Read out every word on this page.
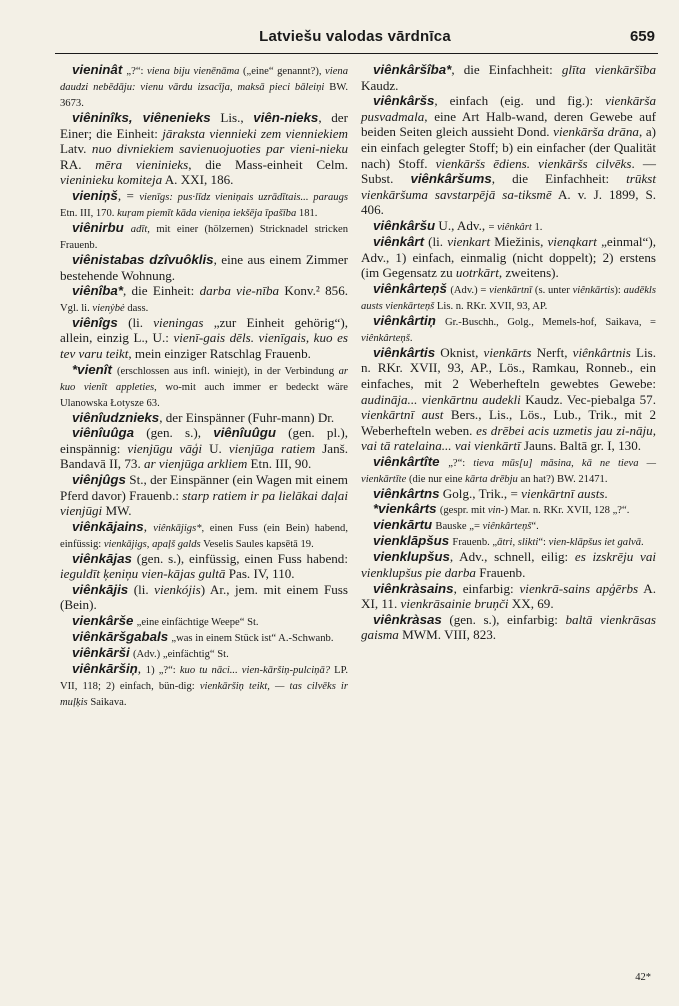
Latviešu valodas vārdnīca	659

vieninât „?“: viena biju vienēnāma („eine“ genannt?), viena daudzi nebēdāju: vienu vārdu izsacīja, maksā pieci bāleiņi BW. 3673.

viêninîks, viênenieks Lis., viên-nieks, der Einer; die Einheit: jāraksta viennieki zem vienniekiem Latv. nuo divniekiem savienuojuoties par vieni-nieku RA. mēra vieninieks, die Mass-einheit Celm. vieninieku komiteja A. XXI, 186.

vieniņš, = vienīgs: pus·līdz vieniņais uzrādītais... paraugs Etn. III, 170. kuŗam piemīt kāda vieniņa iekšēja īpašība 181.

viênirbu adīt, mit einer (hölzernen) Stricknadel stricken Frauenb.

viênistabas dzîvuôklis, eine aus einem Zimmer bestehende Wohnung.

viênîba*, die Einheit: darba vie-nība Konv.² 856. Vgl. li. vienẏbė dass.

viênîgs (li. vieningas „zur Einheit gehörig“), allein, einzig L., U.: vienī-gais dēls. vienīgais, kuo es tev varu teikt, mein einziger Ratschlag Frauenb.

*vienît (erschlossen aus infl. winiejt), in der Verbindung ar kuo vienīt appleties, wo-mit auch immer er bedeckt wäre Ulanowska Łotysze 63.

viênîudznieks, der Einspänner (Fuhr-mann) Dr.

viênîuûga (gen. s.), viênîuûgu (gen. pl.), einspännig: vienjūgu vāģi U. vienjūga ratiem Janš. Bandavā II, 73. ar vienjūga arkliem Etn. III, 90.

viênjûgs St., der Einspänner (ein Wagen mit einem Pferd davor) Frauenb.: starp ratiem ir pa lielākai daļai vienjūgi MW.

viênkājains, viênkājigs*, einen Fuss (ein Bein) habend, einfüssig: vienkājigs, apaļš galds Veselis Saules kapsētā 19.

viênkājas (gen. s.), einfüssig, einen Fuss habend: ieguldīt ķeniņu vien-kājas gultā Pas. IV, 110.

viênkājis (li. vienkójis) Ar., jem. mit einem Fuss (Bein).

vienkârše „eine einfächtige Weepe“ St.

viênkāršgabals „was in einem Stück ist“ A.-Schwanb.

viênkārši (Adv.) „einfächtig“ St.

viênkāršiņ, 1) „?“: kuo tu nāci... vien-kāršiņ-pulciņā? LP. VII, 118; 2) einfach, bün-dig: vienkāršiņ teikt, — tas cilvēks ir muļķis Saikava.

viênkâršîba*, die Einfachheit: glīta vienkāršība Kaudz.

viênkâršs, einfach (eig. und fig.): vienkārša pusvadmala, eine Art Halb-wand, deren Gewebe auf beiden Seiten gleich aussieht Dond. vienkārša drāna, a) ein einfach gelegter Stoff; b) ein einfacher (der Qualität nach) Stoff. vienkāršs ēdiens. vienkāršs cilvēks. — Subst. viênkâršums, die Einfachheit: trūkst vienkāršuma savstarpējā sa-tiksmē A. v. J. 1899, S. 406.

viênkâršu U., Adv., = viênkârt 1.

viênkârt (li. vienkart Miežinis, vienąkart „einmal“), Adv., 1) einfach, einmalig (nicht doppelt); 2) erstens (im Gegensatz zu uotrkārt, zweitens).

viênkârteņš (Adv.) = vienkārtnī (s. unter viênkārtis): audēkls austs vienkārteņš Lis. n. RKr. XVII, 93, AP.

viênkârtiņ Gr.-Buschh., Golg., Memels-hof, Saikava, = viênkârteņš.

viênkârtis Oknist, vienkārts Nerft, viênkârtnis Lis. n. RKr. XVII, 93, AP., Lös., Ramkau, Ronneb., ein einfaches, mit 2 Weberhefteln gewebtes Gewebe: audināja... vienkārtnu audekli Kaudz. Vec-piebalga 57. vienkārtnī aust Bers., Lis., Lös., Lub., Trik., mit 2 Weberhefteln weben. es drēbei acis uzmetis jau zi-nāju, vai tā ratelaina... vai vienkārtī Jauns. Baltā gr. I, 130.

viênkârtîte „?“: tieva mūs[u] māsina, kā ne tieva — vienkārtīte (die nur eine kārta drēbju an hat?) BW. 21471.

viênkârtns Golg., Trik., = vienkārtnī austs.

*vienkârts (gespr. mit vin-) Mar. n. RKr. XVII, 128 „?“.

vienkārtu Bauske „= viênkârteņš“.

vienklāpšus Frauenb. „ātri, slikti“: vien-klāpšus iet galvā.

vienklupšus, Adv., schnell, eilig: es izskrēju vai vienklupšus pie darba Frauenb.

viênkràsains, einfarbig: vienkrā-sains apģērbs A. XI, 11. vienkrāsainie bruņči XX, 69.

viênkràsas (gen. s.), einfarbig: baltā vienkrāsas gaisma MWM. VIII, 823.

42*
